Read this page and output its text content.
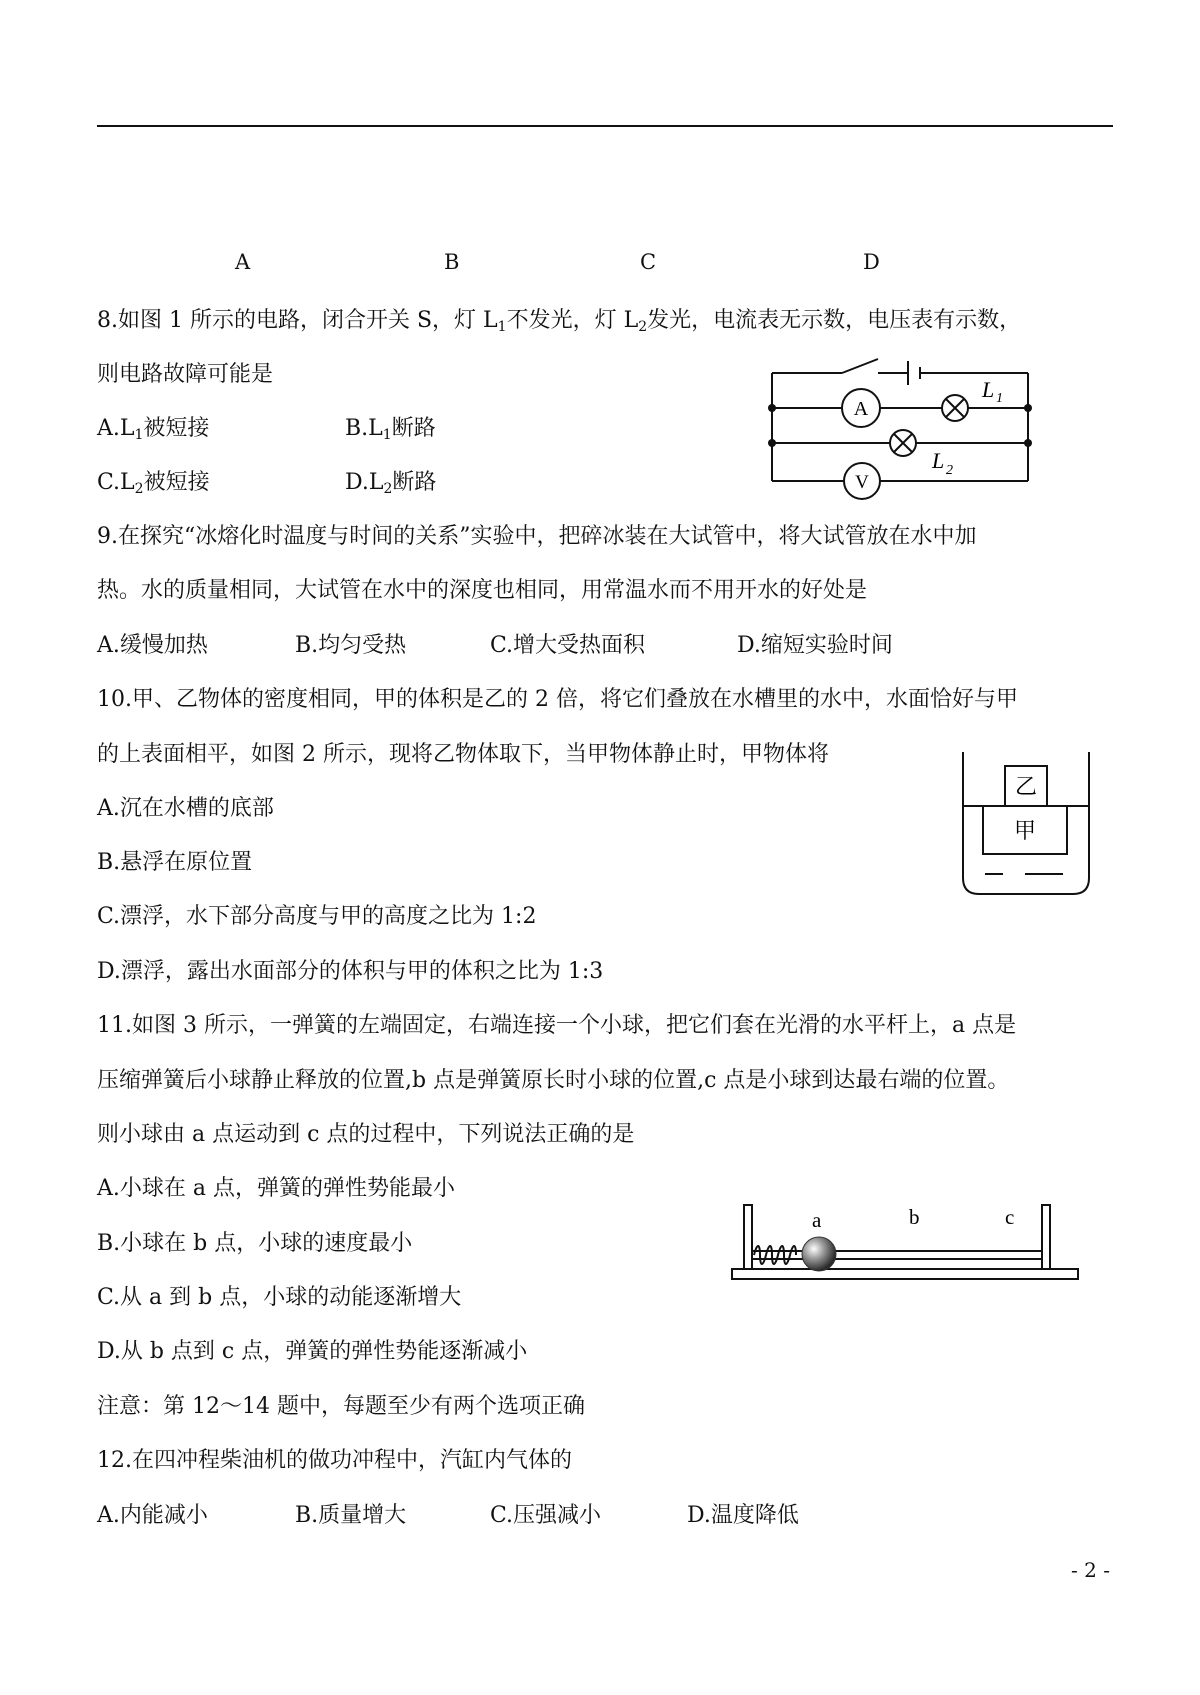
A	B	C	D
8.如图 1 所示的电路，闭合开关 S，灯 L1不发光，灯 L2发光，电流表无示数，电压表有示数，
则电路故障可能是
A.L1被短接	B.L1断路
C.L2被短接	D.L2断路
A
V
L 1
L 2
9.在探究“冰熔化时温度与时间的关系”实验中，把碎冰装在大试管中，将大试管放在水中加
热。水的质量相同，大试管在水中的深度也相同，用常温水而不用开水的好处是
A.缓慢加热	B.均匀受热	C.增大受热面积	D.缩短实验时间
10.甲、乙物体的密度相同，甲的体积是乙的 2 倍，将它们叠放在水槽里的水中，水面恰好与甲
的上表面相平，如图 2 所示，现将乙物体取下，当甲物体静止时，甲物体将
A.沉在水槽的底部
B.悬浮在原位置
C.漂浮，水下部分高度与甲的高度之比为 1:2
D.漂浮，露出水面部分的体积与甲的体积之比为 1:3
乙
甲
11.如图 3 所示，一弹簧的左端固定，右端连接一个小球，把它们套在光滑的水平杆上，a 点是
压缩弹簧后小球静止释放的位置,b 点是弹簧原长时小球的位置,c 点是小球到达最右端的位置。
则小球由 a 点运动到 c 点的过程中，下列说法正确的是
A.小球在 a 点，弹簧的弹性势能最小
B.小球在 b 点，小球的速度最小
C.从 a 到 b 点，小球的动能逐渐增大
D.从 b 点到 c 点，弹簧的弹性势能逐渐减小
a	b	c
注意：第 12～14 题中，每题至少有两个选项正确
12.在四冲程柴油机的做功冲程中，汽缸内气体的
A.内能减小	B.质量增大	C.压强减小	D.温度降低
- 2 -
